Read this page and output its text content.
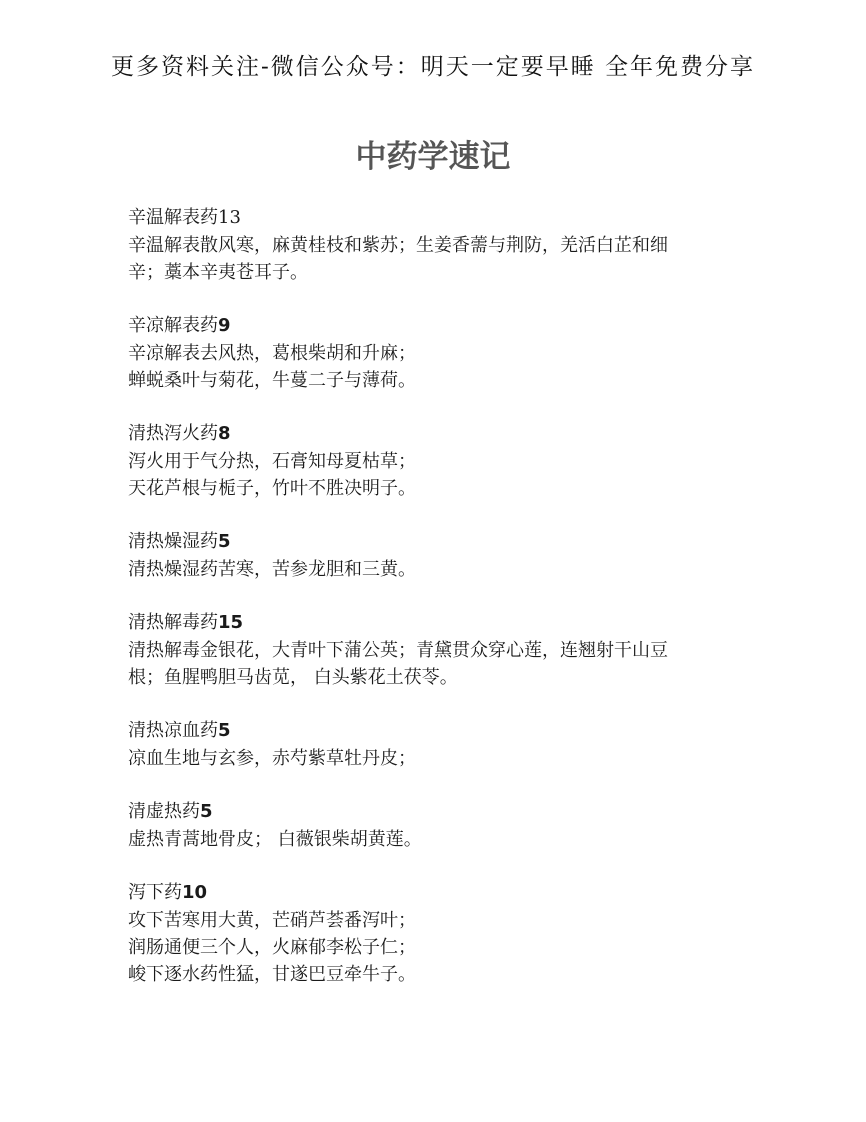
更多资料关注-微信公众号：明天一定要早睡 全年免费分享
中药学速记
辛温解表药13
辛温解表散风寒，麻黄桂枝和紫苏；生姜香薷与荆防，羌活白芷和细
辛；藁本辛夷苍耳子。
辛凉解表药9
辛凉解表去风热，葛根柴胡和升麻；
蝉蜕桑叶与菊花，牛蔓二子与薄荷。
清热泻火药8
泻火用于气分热，石膏知母夏枯草；
天花芦根与栀子，竹叶不胜决明子。
清热燥湿药5
清热燥湿药苦寒，苦参龙胆和三黄。
清热解毒药15
清热解毒金银花，大青叶下蒲公英；青黛贯众穿心莲，连翘射干山豆
根；鱼腥鸭胆马齿苋， 白头紫花土茯苓。
清热凉血药5
凉血生地与玄参，赤芍紫草牡丹皮；
清虚热药5
虚热青蒿地骨皮； 白薇银柴胡黄莲。
泻下药10
攻下苦寒用大黄，芒硝芦荟番泻叶；
润肠通便三个人，火麻郁李松子仁；
峻下逐水药性猛，甘遂巴豆牵牛子。
